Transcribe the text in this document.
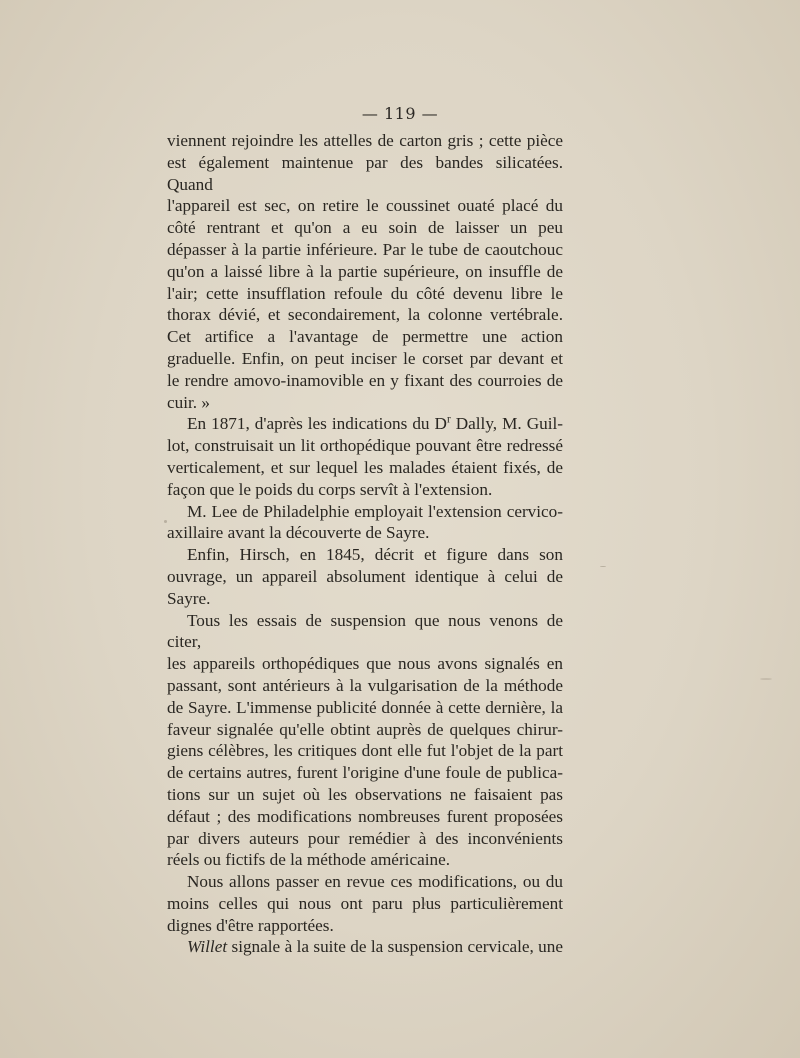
— 119 —

viennent rejoindre les attelles de carton gris ; cette pièce

est également maintenue par des bandes silicatées. Quand

l'appareil est sec, on retire le coussinet ouaté placé du

côté rentrant et qu'on a eu soin de laisser un peu

dépasser à la partie inférieure. Par le tube de caoutchouc

qu'on a laissé libre à la partie supérieure, on insuffle de

l'air; cette insufflation refoule du côté devenu libre le

thorax dévié, et secondairement, la colonne vertébrale.

Cet artifice a l'avantage de permettre une action

graduelle. Enfin, on peut inciser le corset par devant et

le rendre amovo-inamovible en y fixant des courroies de

cuir. »

En 1871, d'après les indications du $D^r$ Dally, M. Guil-

lot, construisait un lit orthopédique pouvant être redressé

verticalement, et sur lequel les malades étaient fixés, de

façon que le poids du corps servît à l'extension.

M. Lee de Philadelphie employait l'extension cervico-

axillaire avant la découverte de Sayre.

Enfin, Hirsch, en 1845, décrit et figure dans son

ouvrage, un appareil absolument identique à celui de

Sayre.

Tous les essais de suspension que nous venons de citer,

les appareils orthopédiques que nous avons signalés en

passant, sont antérieurs à la vulgarisation de la méthode

de Sayre. L'immense publicité donnée à cette dernière, la

faveur signalée qu'elle obtint auprès de quelques chirur-

giens célèbres, les critiques dont elle fut l'objet de la part

de certains autres, furent l'origine d'une foule de publica-

tions sur un sujet où les observations ne faisaient pas

défaut ; des modifications nombreuses furent proposées

par divers auteurs pour remédier à des inconvénients

réels ou fictifs de la méthode américaine.

Nous allons passer en revue ces modifications, ou du

moins celles qui nous ont paru plus particulièrement

dignes d'être rapportées.

Willet signale à la suite de la suspension cervicale, une
